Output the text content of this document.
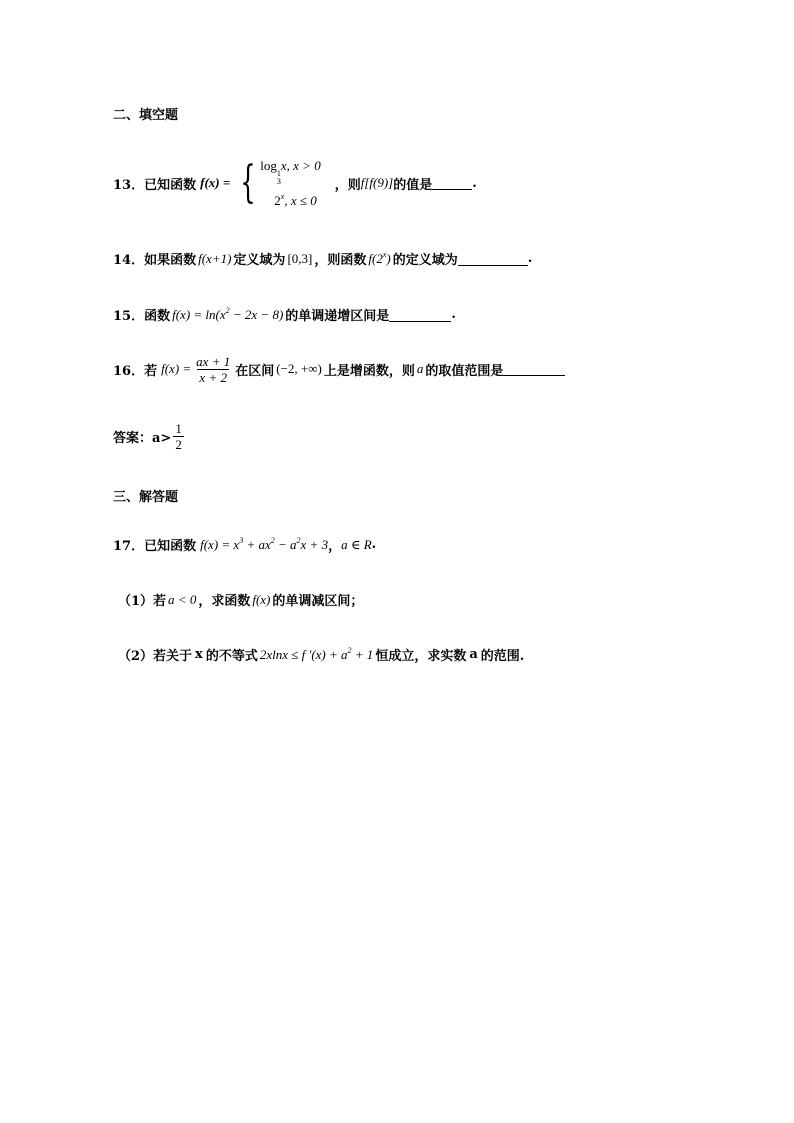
二、填空题
13． 已知函数 f(x) = { log
1
3
x, x > 0
2$^x$, x ≤ 0
，则 f[f(9)] 的值是	.
14． 如果函数 f(x+1) 定义域为 [0,3] ，则函数 f(2$^x$) 的定义域为	.
15． 函数 $f(x) = \ln(x^2 - 2x - 8)$ 的单调递增区间是	.
16． 若 $f(x) = \frac{ax + 1}{x + 2}$ 在区间 (−2, +∞) 上是增函数，则 a 的取值范围是
答案：$a> \frac{1}{2}$
三、解答题
17． 已知函数 $f(x) = x^3 + ax^2 - a^2x + 3$ ， a ∈ R .
（1）若 a < 0 ，求函数 f(x) 的单调减区间；
（2）若关于 x 的不等式 2xlnx ≤ f $'(x) + a^2 + 1$ 恒成立，求实数 a 的范围.
